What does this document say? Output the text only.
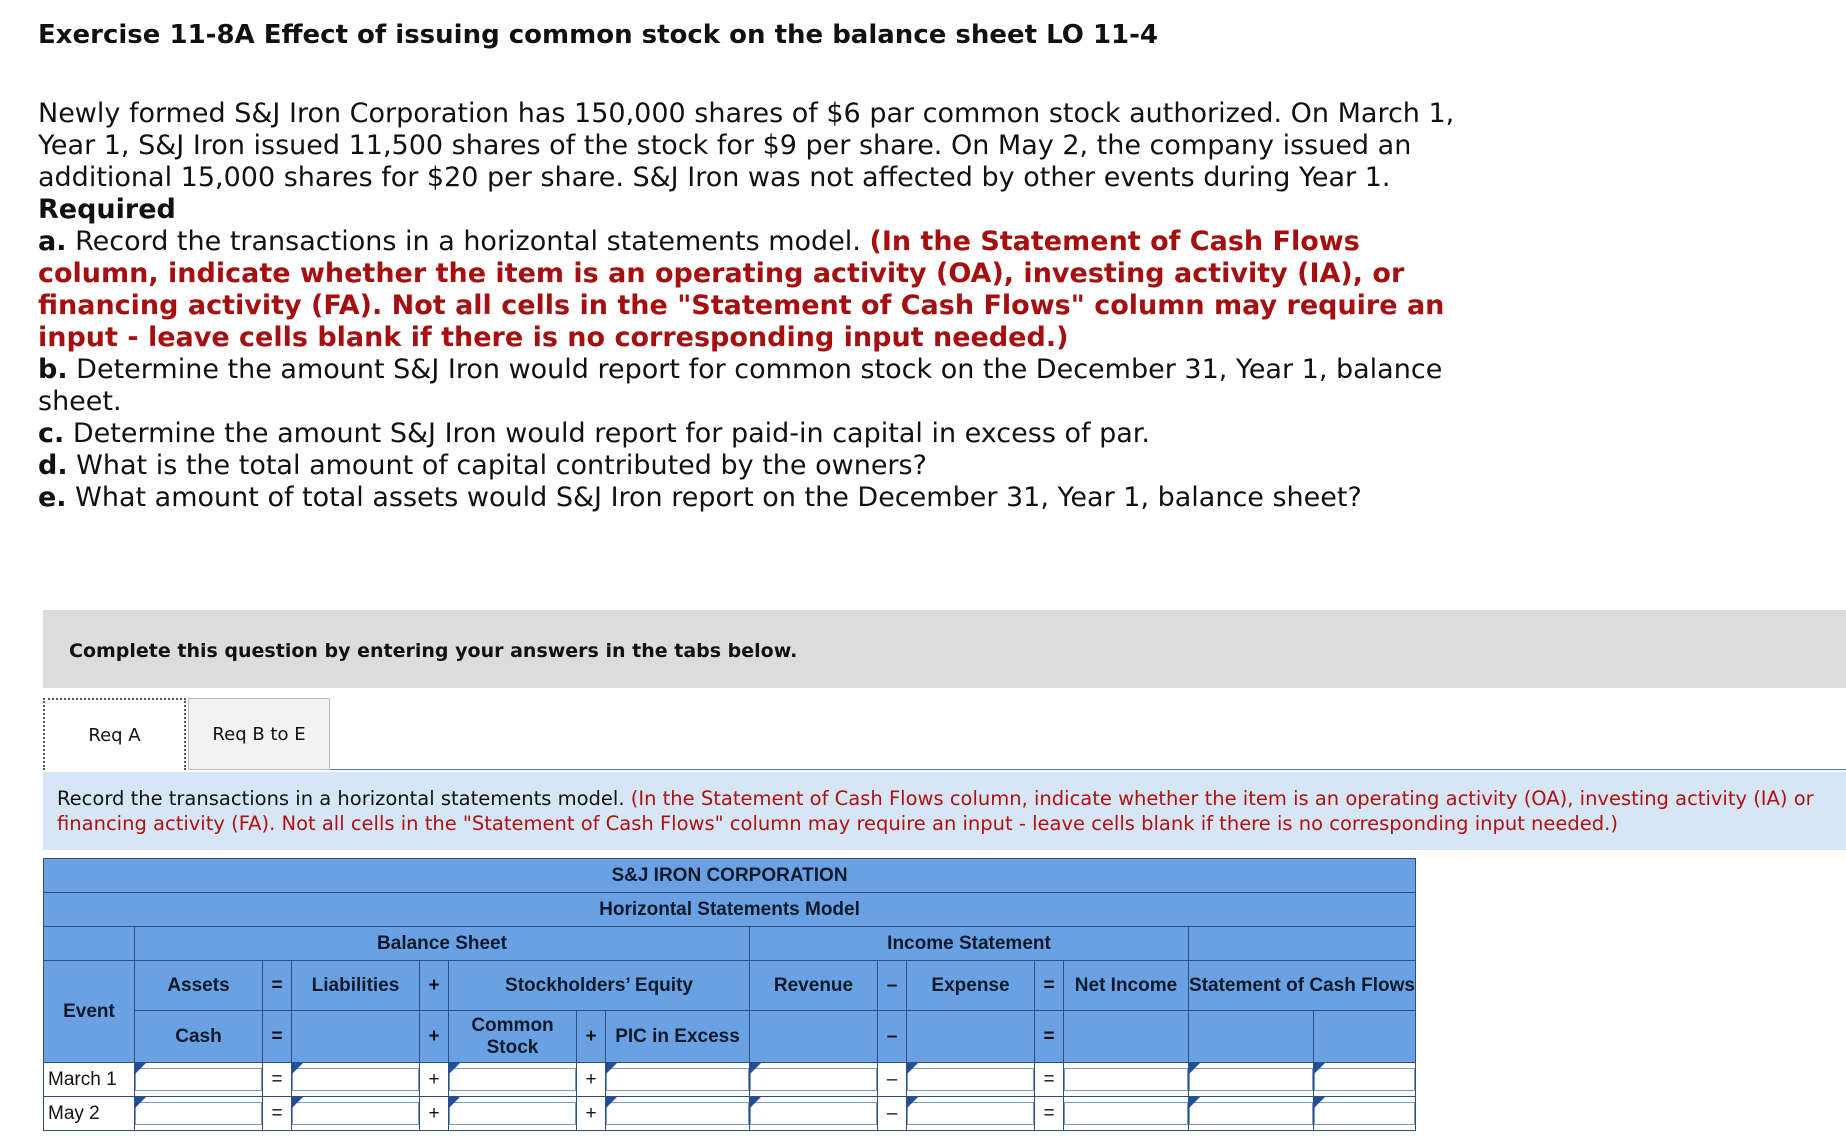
Exercise 11-8A Effect of issuing common stock on the balance sheet LO 11-4

Newly formed S&J Iron Corporation has 150,000 shares of $6 par common stock authorized. On March 1, Year 1, S&J Iron issued 11,500 shares of the stock for $9 per share. On May 2, the company issued an additional 15,000 shares for $20 per share. S&J Iron was not affected by other events during Year 1.

Required

a. Record the transactions in a horizontal statements model. (In the Statement of Cash Flows column, indicate whether the item is an operating activity (OA), investing activity (IA), or financing activity (FA). Not all cells in the "Statement of Cash Flows" column may require an input - leave cells blank if there is no corresponding input needed.)

b. Determine the amount S&J Iron would report for common stock on the December 31, Year 1, balance sheet.

c. Determine the amount S&J Iron would report for paid-in capital in excess of par.

d. What is the total amount of capital contributed by the owners?

e. What amount of total assets would S&J Iron report on the December 31, Year 1, balance sheet?

Complete this question by entering your answers in the tabs below.
Req A	Req B to E
Record the transactions in a horizontal statements model. (In the Statement of Cash Flows column, indicate whether the item is an operating activity (OA), investing activity (IA) or financing activity (FA). Not all cells in the "Statement of Cash Flows" column may require an input - leave cells blank if there is no corresponding input needed.)
S&J IRON CORPORATION														
Horizontal Statements Model														
	Balance Sheet							Income Statement						
Event	Assets	=	Liabilities	+	Stockholders’ Equity			Revenue	–	Expense	=	Net Income	Statement of Cash Flows	
	Cash	=		+	Common Stock	+	PIC in Excess		–		=			
March 1		=		+		+			–		=		

May 2		=		+		+			–		=		
